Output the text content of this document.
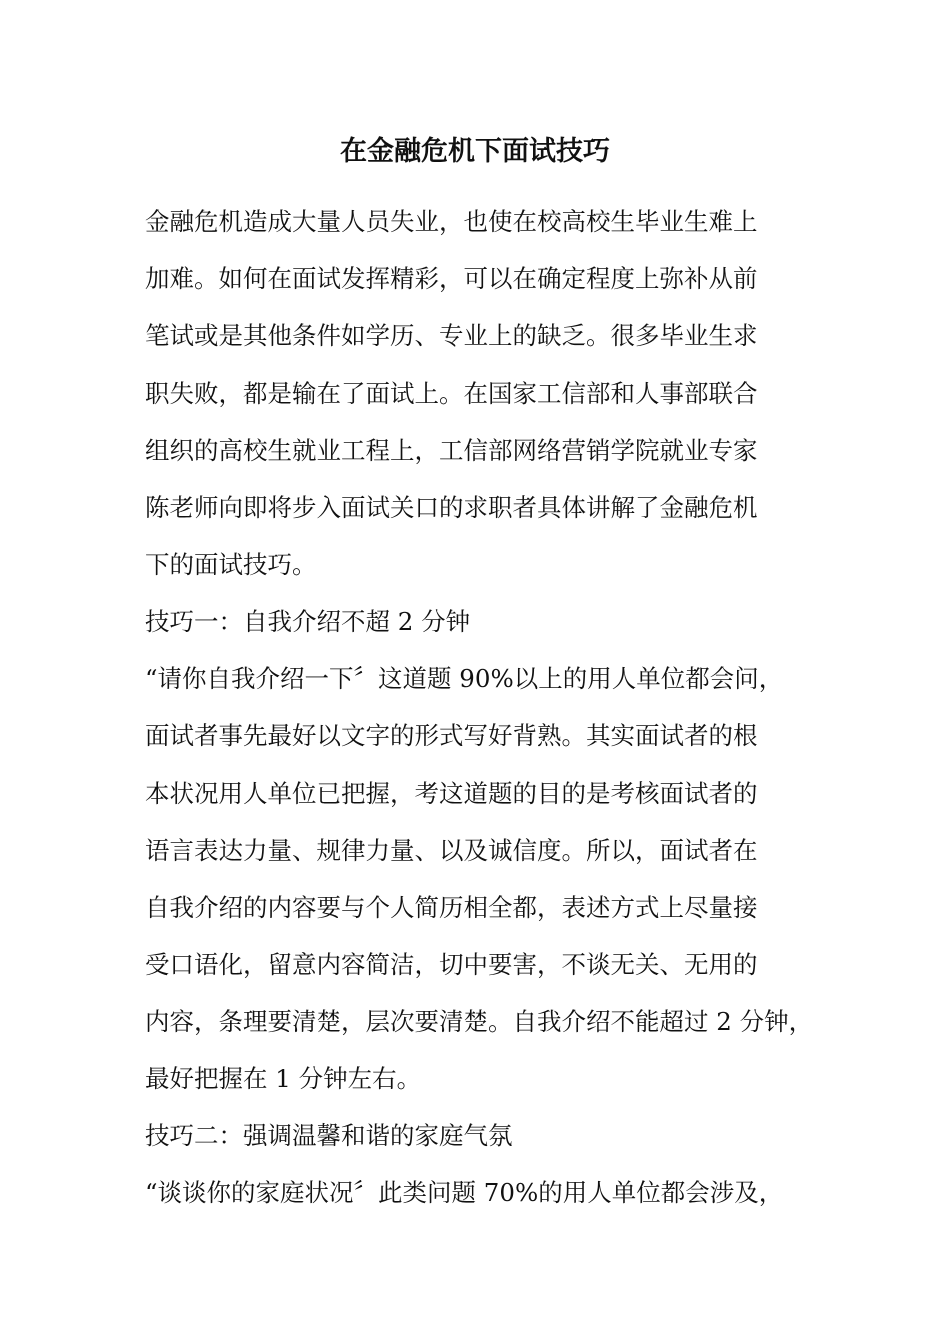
在金融危机下面试技巧
金融危机造成大量人员失业，也使在校高校生毕业生难上
加难。如何在面试发挥精彩，可以在确定程度上弥补从前
笔试或是其他条件如学历、专业上的缺乏。很多毕业生求
职失败，都是输在了面试上。在国家工信部和人事部联合
组织的高校生就业工程上，工信部网络营销学院就业专家
陈老师向即将步入面试关口的求职者具体讲解了金融危机
下的面试技巧。
技巧一：自我介绍不超 2 分钟
“请你自我介绍一下〞这道题 90%以上的用人单位都会问，
面试者事先最好以文字的形式写好背熟。其实面试者的根
本状况用人单位已把握，考这道题的目的是考核面试者的
语言表达力量、规律力量、以及诚信度。所以，面试者在
自我介绍的内容要与个人简历相全都，表述方式上尽量接
受口语化，留意内容简洁，切中要害，不谈无关、无用的
内容，条理要清楚，层次要清楚。自我介绍不能超过 2 分钟，
最好把握在 1 分钟左右。
技巧二：强调温馨和谐的家庭气氛
“谈谈你的家庭状况〞此类问题 70%的用人单位都会涉及，
